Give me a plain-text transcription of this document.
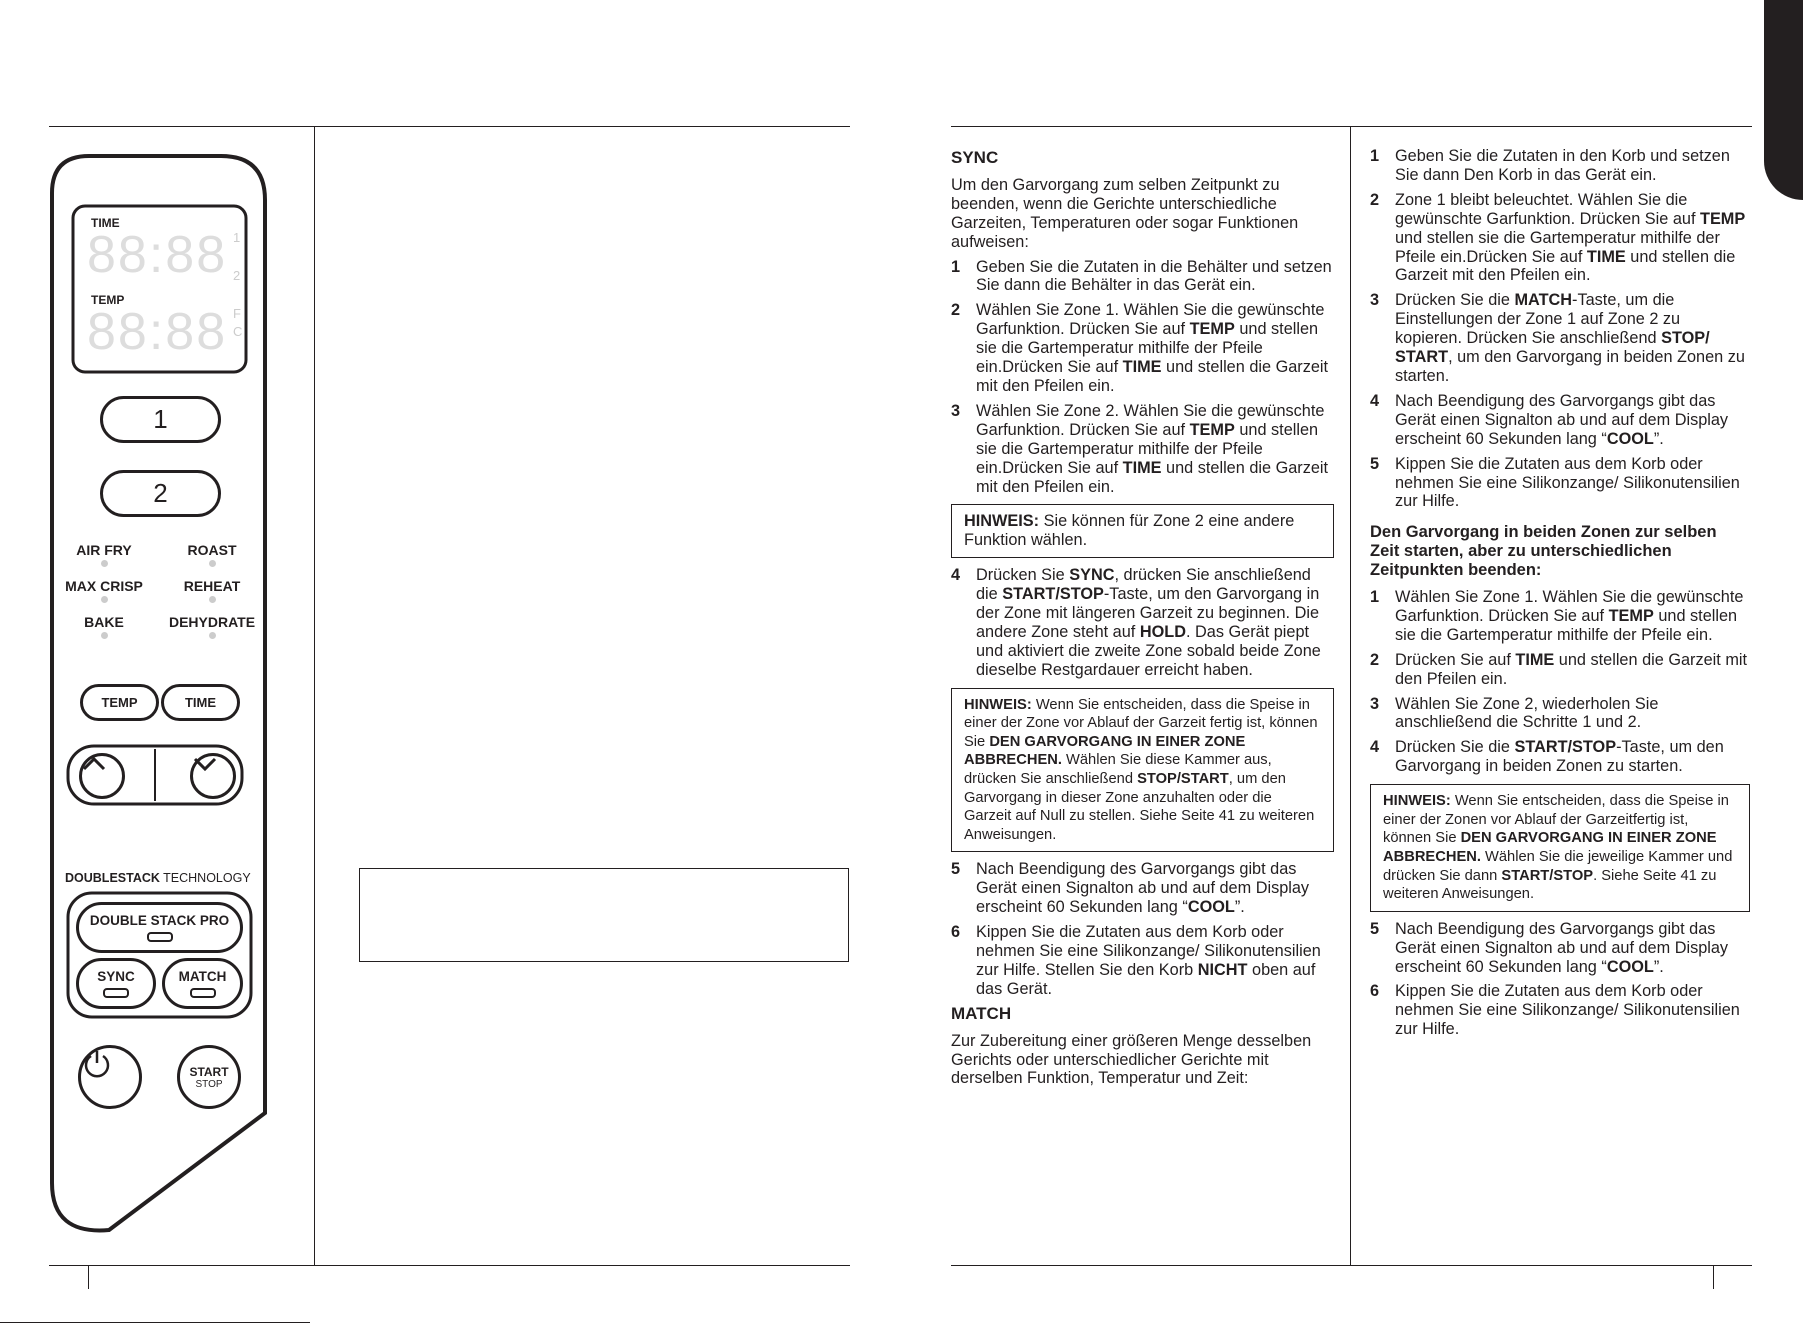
TIME
88:88 1
2
TEMP
88:88 F
C
1
2
AIR FRY	ROAST
MAX CRISP	REHEAT
BAKE	DEHYDRATE
TEMP	TIME
DOUBLESTACK TECHNOLOGY
DOUBLE STACK PRO
SYNC	MATCH
START
STOP
SYNC

Um den Garvorgang zum selben Zeitpunkt zu beenden, wenn die Gerichte unterschiedliche Garzeiten, Temperaturen oder sogar Funktionen aufweisen:

1 Geben Sie die Zutaten in die Behälter und setzen Sie dann die Behälter in das Gerät ein.
2 Wählen Sie Zone 1. Wählen Sie die gewünschte Garfunktion. Drücken Sie auf TEMP und stellen sie die Gartemperatur mithilfe der Pfeile ein.Drücken Sie auf TIME und stellen die Garzeit mit den Pfeilen ein.
3 Wählen Sie Zone 2. Wählen Sie die gewünschte Garfunktion. Drücken Sie auf TEMP und stellen sie die Gartemperatur mithilfe der Pfeile ein.Drücken Sie auf TIME und stellen die Garzeit mit den Pfeilen ein.
HINWEIS: Sie können für Zone 2 eine andere Funktion wählen.
4 Drücken Sie SYNC, drücken Sie anschließend die START/STOP-Taste, um den Garvorgang in der Zone mit längeren Garzeit zu beginnen. Die andere Zone steht auf HOLD. Das Gerät piept und aktiviert die zweite Zone sobald beide Zone dieselbe Restgardauer erreicht haben.
HINWEIS: Wenn Sie entscheiden, dass die Speise in einer der Zone vor Ablauf der Garzeit fertig ist, können Sie DEN GARVORGANG IN EINER ZONE ABBRECHEN. Wählen Sie diese Kammer aus, drücken Sie anschließend STOP/START, um den Garvorgang in dieser Zone anzuhalten oder die Garzeit auf Null zu stellen. Siehe Seite 41 zu weiteren Anweisungen.
5 Nach Beendigung des Garvorgangs gibt das Gerät einen Signalton ab und auf dem Display erscheint 60 Sekunden lang “COOL”.
6 Kippen Sie die Zutaten aus dem Korb oder nehmen Sie eine Silikonzange/ Silikonutensilien zur Hilfe. Stellen Sie den Korb NICHT oben auf das Gerät.
MATCH

Zur Zubereitung einer größeren Menge desselben Gerichts oder unterschiedlicher Gerichte mit derselben Funktion, Temperatur und Zeit:

1 Geben Sie die Zutaten in den Korb und setzen Sie dann Den Korb in das Gerät ein.
2 Zone 1 bleibt beleuchtet. Wählen Sie die gewünschte Garfunktion. Drücken Sie auf TEMP und stellen sie die Gartemperatur mithilfe der Pfeile ein.Drücken Sie auf TIME und stellen die Garzeit mit den Pfeilen ein.
3 Drücken Sie die MATCH-Taste, um die Einstellungen der Zone 1 auf Zone 2 zu kopieren. Drücken Sie anschließend STOP/ START, um den Garvorgang in beiden Zonen zu starten.
4 Nach Beendigung des Garvorgangs gibt das Gerät einen Signalton ab und auf dem Display erscheint 60 Sekunden lang “COOL”.
5 Kippen Sie die Zutaten aus dem Korb oder nehmen Sie eine Silikonzange/ Silikonutensilien zur Hilfe.
Den Garvorgang in beiden Zonen zur selben Zeit starten, aber zu unterschiedlichen Zeitpunkten beenden:
1 Wählen Sie Zone 1. Wählen Sie die gewünschte Garfunktion. Drücken Sie auf TEMP und stellen sie die Gartemperatur mithilfe der Pfeile ein.
2 Drücken Sie auf TIME und stellen die Garzeit mit den Pfeilen ein.
3 Wählen Sie Zone 2, wiederholen Sie anschließend die Schritte 1 und 2.
4 Drücken Sie die START/STOP-Taste, um den Garvorgang in beiden Zonen zu starten.
HINWEIS: Wenn Sie entscheiden, dass die Speise in einer der Zonen vor Ablauf der Garzeitfertig ist, können Sie DEN GARVORGANG IN EINER ZONE ABBRECHEN. Wählen Sie die jeweilige Kammer und drücken Sie dann START/STOP. Siehe Seite 41 zu weiteren Anweisungen.
5 Nach Beendigung des Garvorgangs gibt das Gerät einen Signalton ab und auf dem Display erscheint 60 Sekunden lang “COOL”.
6 Kippen Sie die Zutaten aus dem Korb oder nehmen Sie eine Silikonzange/ Silikonutensilien zur Hilfe.
